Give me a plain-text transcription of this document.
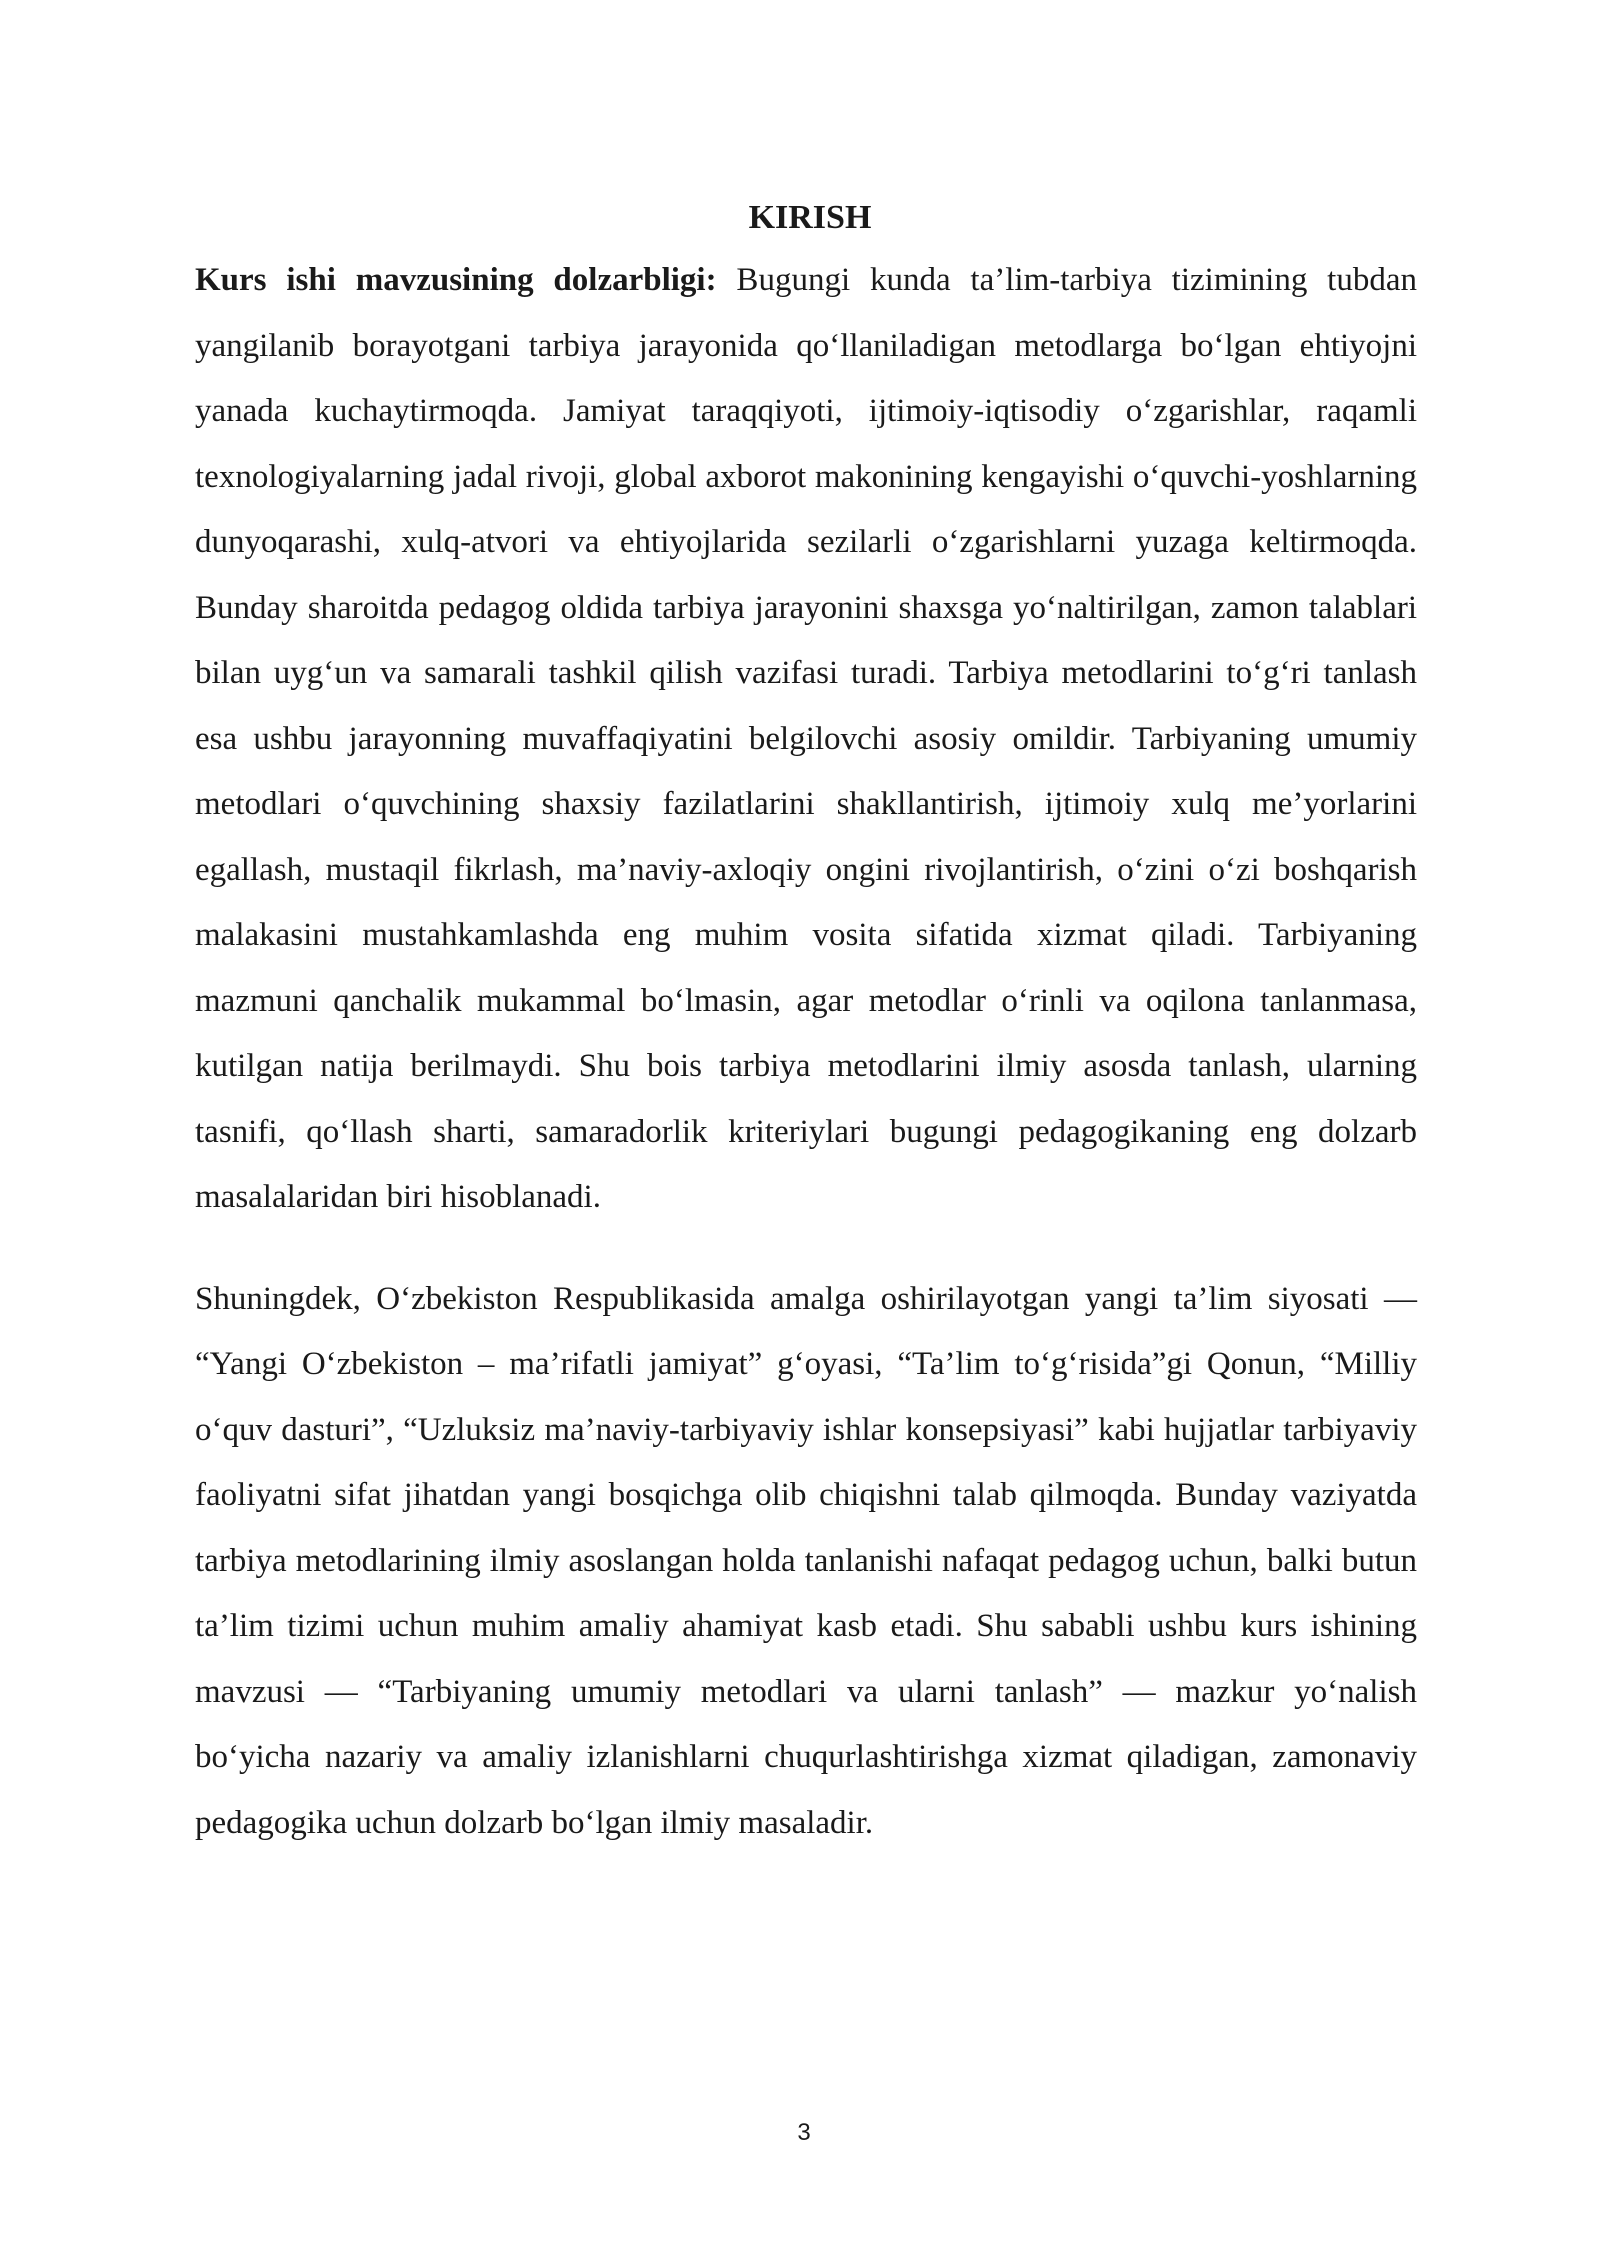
KIRISH

Kurs ishi mavzusining dolzarbligi: Bugungi kunda ta’lim-tarbiya tizimining tubdan yangilanib borayotgani tarbiya jarayonida qo‘llaniladigan metodlarga bo‘lgan ehtiyojni yanada kuchaytirmoqda. Jamiyat taraqqiyoti, ijtimoiy-iqtisodiy o‘zgarishlar, raqamli texnologiyalarning jadal rivoji, global axborot makonining kengayishi o‘quvchi-yoshlarning dunyoqarashi, xulq-atvori va ehtiyojlarida sezilarli o‘zgarishlarni yuzaga keltirmoqda. Bunday sharoitda pedagog oldida tarbiya jarayonini shaxsga yo‘naltirilgan, zamon talablari bilan uyg‘un va samarali tashkil qilish vazifasi turadi. Tarbiya metodlarini to‘g‘ri tanlash esa ushbu jarayonning muvaffaqiyatini belgilovchi asosiy omildir. Tarbiyaning umumiy metodlari o‘quvchining shaxsiy fazilatlarini shakllantirish, ijtimoiy xulq me’yorlarini egallash, mustaqil fikrlash, ma’naviy-axloqiy ongini rivojlantirish, o‘zini o‘zi boshqarish malakasini mustahkamlashda eng muhim vosita sifatida xizmat qiladi. Tarbiyaning mazmuni qanchalik mukammal bo‘lmasin, agar metodlar o‘rinli va oqilona tanlanmasa, kutilgan natija berilmaydi. Shu bois tarbiya metodlarini ilmiy asosda tanlash, ularning tasnifi, qo‘llash sharti, samaradorlik kriteriylari bugungi pedagogikaning eng dolzarb masalalaridan biri hisoblanadi.

Shuningdek, O‘zbekiston Respublikasida amalga oshirilayotgan yangi ta’lim siyosati — “Yangi O‘zbekiston – ma’rifatli jamiyat” g‘oyasi, “Ta’lim to‘g‘risida”gi Qonun, “Milliy o‘quv dasturi”, “Uzluksiz ma’naviy-tarbiyaviy ishlar konsepsiyasi” kabi hujjatlar tarbiyaviy faoliyatni sifat jihatdan yangi bosqichga olib chiqishni talab qilmoqda. Bunday vaziyatda tarbiya metodlarining ilmiy asoslangan holda tanlanishi nafaqat pedagog uchun, balki butun ta’lim tizimi uchun muhim amaliy ahamiyat kasb etadi. Shu sababli ushbu kurs ishining mavzusi — “Tarbiyaning umumiy metodlari va ularni tanlash” — mazkur yo‘nalish bo‘yicha nazariy va amaliy izlanishlarni chuqurlashtirishga xizmat qiladigan, zamonaviy pedagogika uchun dolzarb bo‘lgan ilmiy masaladir.

3
